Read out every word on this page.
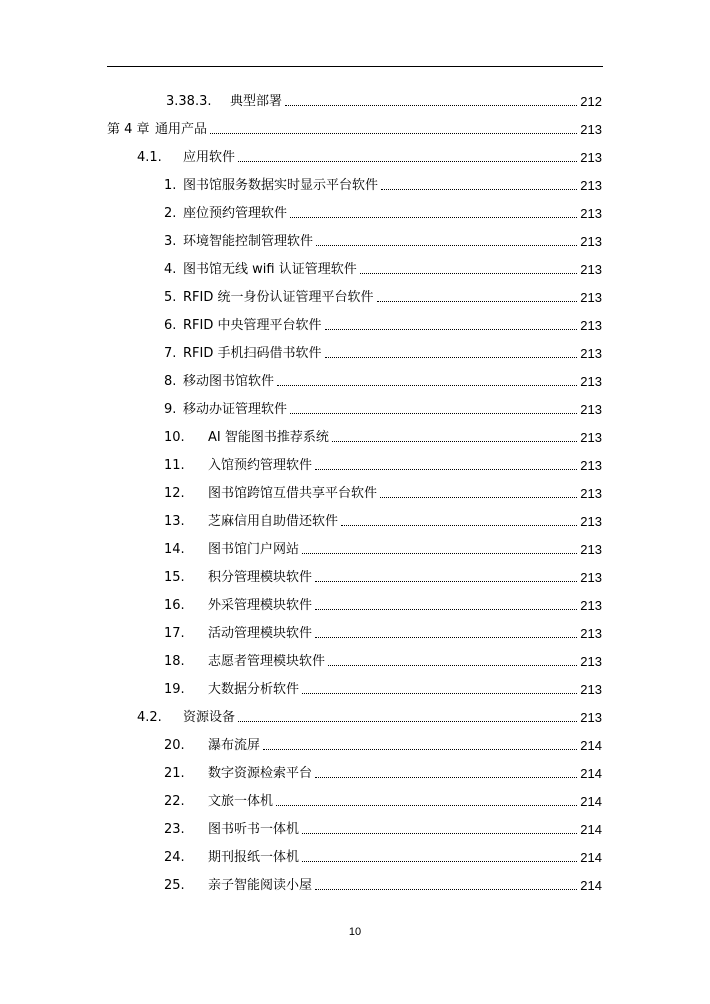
3.38.3.	典型部署	212
第 4 章 通用产品	213
4.1.	应用软件	213
1. 图书馆服务数据实时显示平台软件	213
2. 座位预约管理软件	213
3. 环境智能控制管理软件	213
4. 图书馆无线 wifi 认证管理软件	213
5. RFID 统一身份认证管理平台软件	213
6. RFID 中央管理平台软件	213
7. RFID 手机扫码借书软件	213
8. 移动图书馆软件	213
9. 移动办证管理软件	213
10.	AI 智能图书推荐系统	213
11.	入馆预约管理软件	213
12.	图书馆跨馆互借共享平台软件	213
13.	芝麻信用自助借还软件	213
14.	图书馆门户网站	213
15.	积分管理模块软件	213
16.	外采管理模块软件	213
17.	活动管理模块软件	213
18.	志愿者管理模块软件	213
19.	大数据分析软件	213
4.2.	资源设备	213
20.	瀑布流屏	214
21.	数字资源检索平台	214
22.	文旅一体机	214
23.	图书听书一体机	214
24.	期刊报纸一体机	214
25.	亲子智能阅读小屋	214
10
